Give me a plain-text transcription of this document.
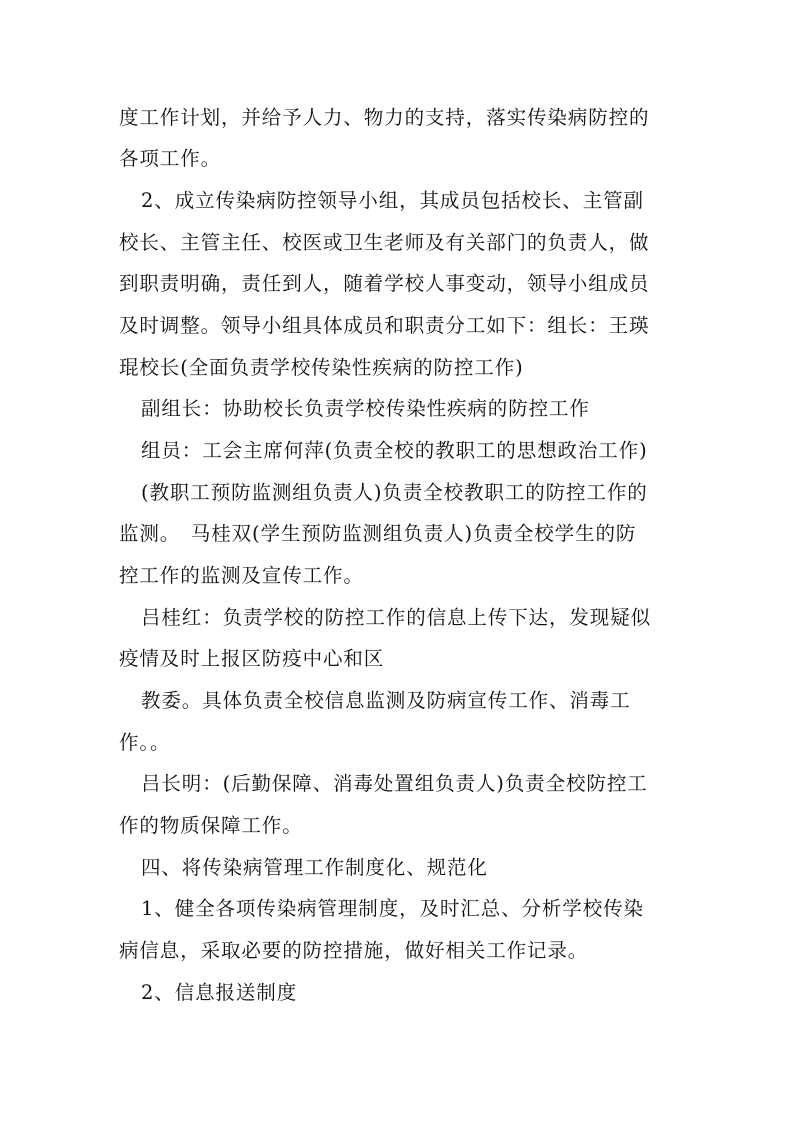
度工作计划，并给予人力、物力的支持，落实传染病防控的
各项工作。
2、成立传染病防控领导小组，其成员包括校长、主管副
校长、主管主任、校医或卫生老师及有关部门的负责人，做
到职责明确，责任到人，随着学校人事变动，领导小组成员
及时调整。领导小组具体成员和职责分工如下：组长：王瑛
琨校长(全面负责学校传染性疾病的防控工作)
副组长：协助校长负责学校传染性疾病的防控工作
组员：工会主席何萍(负责全校的教职工的思想政治工作)
(教职工预防监测组负责人)负责全校教职工的防控工作的
监测。　马桂双(学生预防监测组负责人)负责全校学生的防
控工作的监测及宣传工作。
吕桂红：负责学校的防控工作的信息上传下达，发现疑似
疫情及时上报区防疫中心和区
教委。具体负责全校信息监测及防病宣传工作、消毒工
作。。
吕长明：(后勤保障、消毒处置组负责人)负责全校防控工
作的物质保障工作。
四、将传染病管理工作制度化、规范化
1、健全各项传染病管理制度，及时汇总、分析学校传染
病信息，采取必要的防控措施，做好相关工作记录。
2、信息报送制度
